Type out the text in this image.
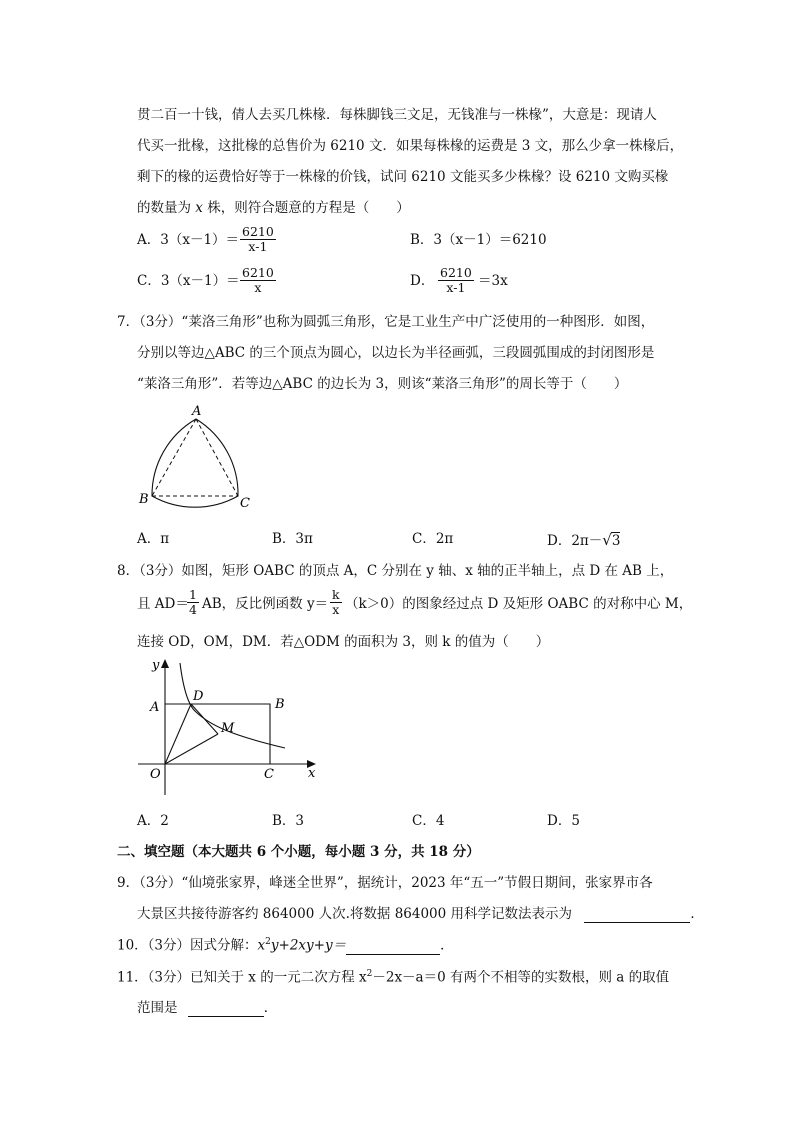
贯二百一十钱，倩人去买几株椽．每株脚钱三文足，无钱准与一株椽”，大意是：现请人
代买一批椽，这批椽的总售价为 6210 文．如果每株椽的运费是 3 文，那么少拿一株椽后，
剩下的椽的运费恰好等于一株椽的价钱，试问 6210 文能买多少株椽？设 6210 文购买椽
的数量为 x 株，则符合题意的方程是（　　）
A．$3(x-1)= \frac{6210}{x-1}$	B．3（x－1）＝6210
C．$3(x-1)= \frac{6210}{x}$	D． $\frac{6210}{x-1} =3x$
7．（3分）“莱洛三角形”也称为圆弧三角形，它是工业生产中广泛使用的一种图形．如图，
分别以等边△ABC 的三个顶点为圆心，以边长为半径画弧，三段圆弧围成的封闭图形是
“莱洛三角形”．若等边△ABC 的边长为 3，则该“莱洛三角形”的周长等于（　　）
A
B	C
A．π	B．3π	C．2π	D．2π－√3
8．（3分）如图，矩形 OABC 的顶点 A，C 分别在 y 轴、x 轴的正半轴上，点 D 在 AB 上，
且 AD＝
$\frac{1}{4}$ AB，反比例函数 $y= \frac{k}{x} (k>0)$的图象经过点 D 及矩形 OABC 的对称中心 M，
连接 OD，OM，DM．若△ODM 的面积为 3，则 k 的值为（　　）
y
x
A	B
C
D
M
O
A．2	B．3	C．4	D．5
二、填空题（本大题共 6 个小题，每小题 3 分，共 18 分）
9．（3分）“仙境张家界，峰迷全世界”，据统计，2023 年“五一”节假日期间，张家界市各
大景区共接待游客约 864000 人次.将数据 864000 用科学记数法表示为	．
10．（3分）因式分解：$x^2y+2xy+y=$	．
11．（3分）已知关于 x 的一元二次方程 $x^2-2x-a=0$ 有两个不相等的实数根，则 a 的取值
范围是	．
